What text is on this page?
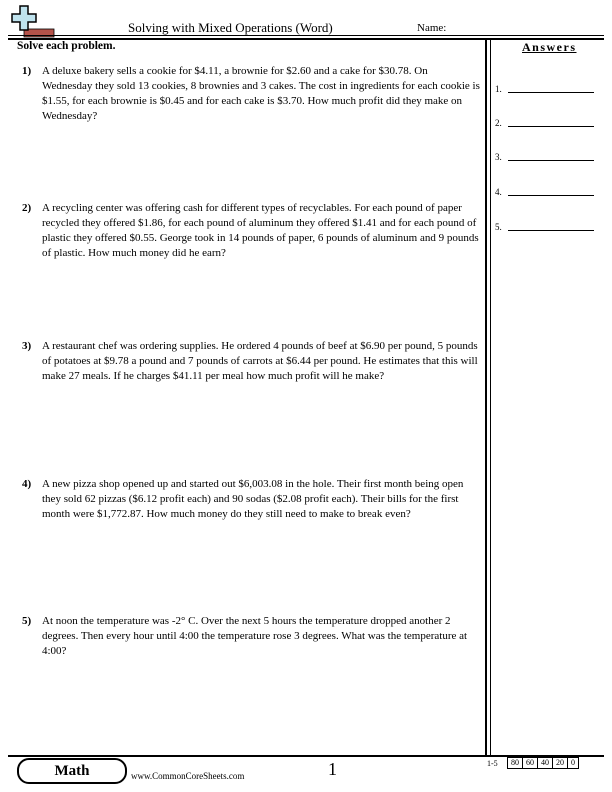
Solving with Mixed Operations (Word)	Name:
Solve each problem.
1) A deluxe bakery sells a cookie for $4.11, a brownie for $2.60 and a cake for $30.78. On Wednesday they sold 13 cookies, 8 brownies and 3 cakes. The cost in ingredients for each cookie is $1.55, for each brownie is $0.45 and for each cake is $3.70. How much profit did they make on Wednesday?
2) A recycling center was offering cash for different types of recyclables. For each pound of paper recycled they offered $1.86, for each pound of aluminum they offered $1.41 and for each pound of plastic they offered $0.55. George took in 14 pounds of paper, 6 pounds of aluminum and 9 pounds of plastic. How much money did he earn?
3) A restaurant chef was ordering supplies. He ordered 4 pounds of beef at $6.90 per pound, 5 pounds of potatoes at $9.78 a pound and 7 pounds of carrots at $6.44 per pound. He estimates that this will make 27 meals. If he charges $41.11 per meal how much profit will he make?
4) A new pizza shop opened up and started out $6,003.08 in the hole. Their first month being open they sold 62 pizzas ($6.12 profit each) and 90 sodas ($2.08 profit each). Their bills for the first month were $1,772.87. How much money do they still need to make to break even?
5) At noon the temperature was -2° C. Over the next 5 hours the temperature dropped another 2 degrees. Then every hour until 4:00 the temperature rose 3 degrees. What was the temperature at 4:00?
Answers
1.
2.
3.
4.
5.
Math	www.CommonCoreSheets.com	1	1-5 80	60	40	20	0
